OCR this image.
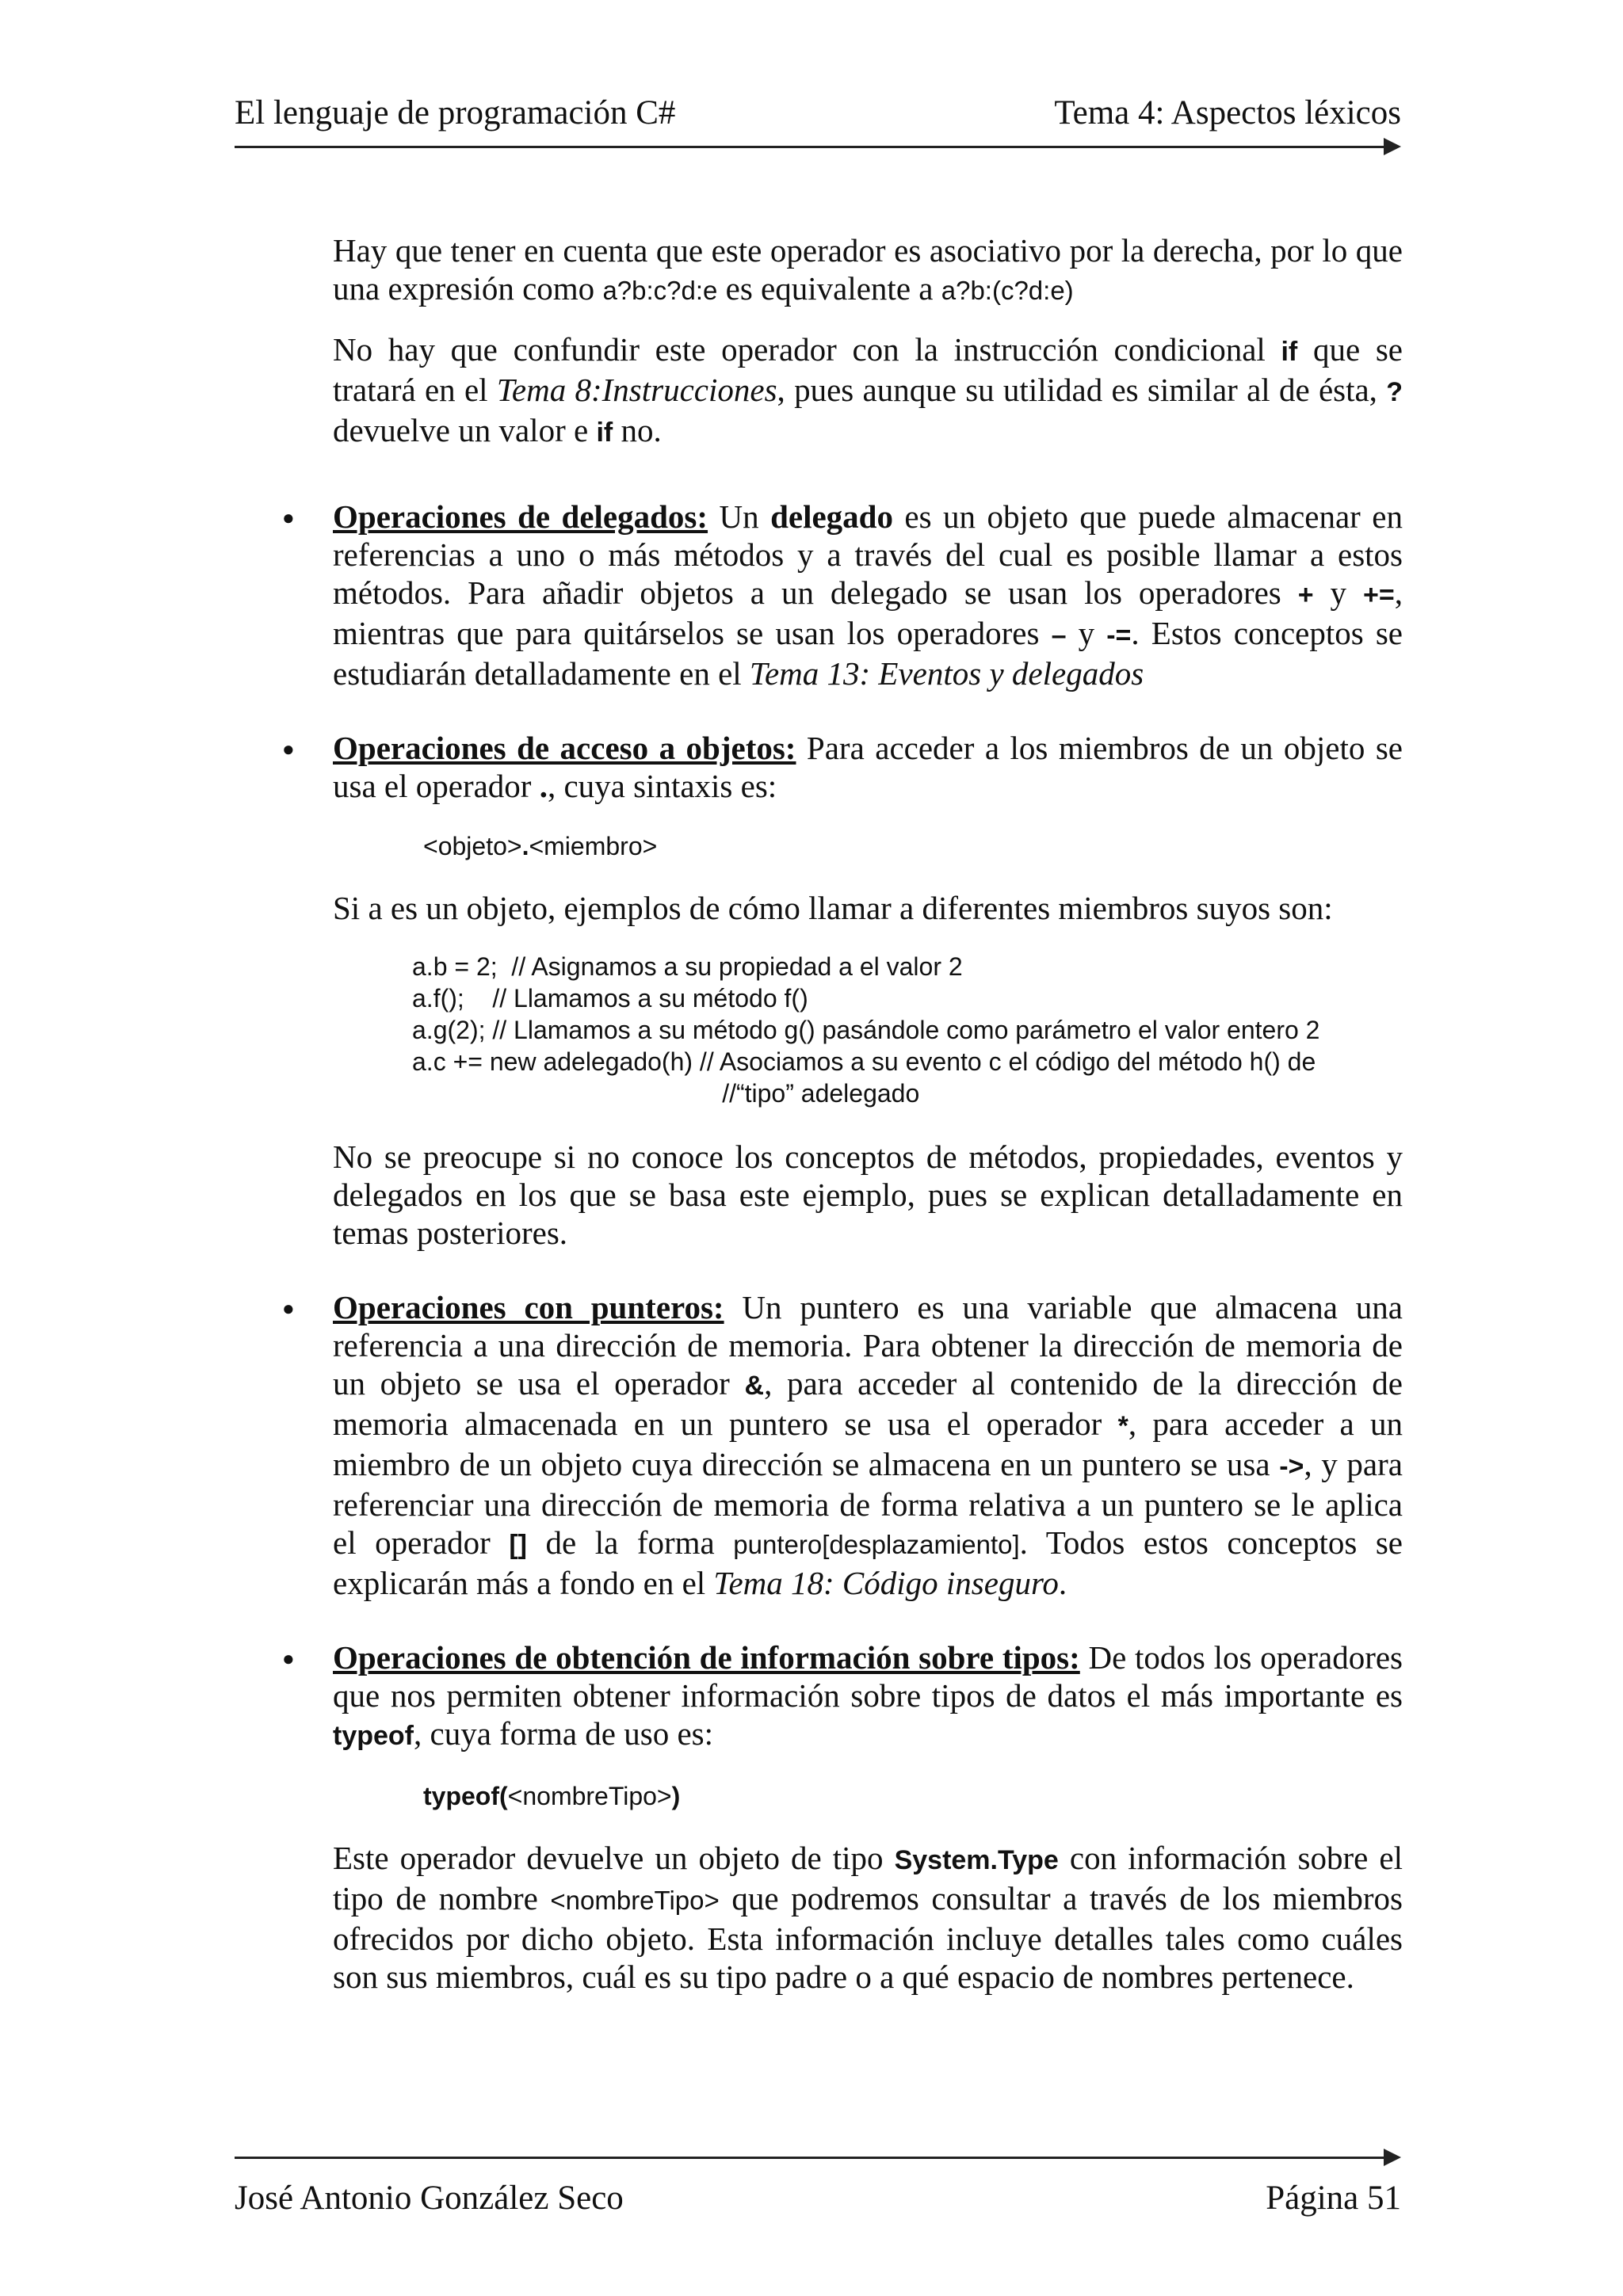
El lenguaje de programación C#	Tema 4: Aspectos léxicos

Hay que tener en cuenta que este operador es asociativo por la derecha, por lo que una expresión como a?b:c?d:e es equivalente a a?b:(c?d:e)

No hay que confundir este operador con la instrucción condicional if que se tratará en el Tema 8:Instrucciones, pues aunque su utilidad es similar al de ésta, ? devuelve un valor e if no.

● Operaciones de delegados: Un delegado es un objeto que puede almacenar en referencias a uno o más métodos y a través del cual es posible llamar a estos métodos. Para añadir objetos a un delegado se usan los operadores + y +=, mientras que para quitárselos se usan los operadores – y -=. Estos conceptos se estudiarán detalladamente en el Tema 13: Eventos y delegados
● Operaciones de acceso a objetos: Para acceder a los miembros de un objeto se usa el operador ., cuya sintaxis es:
<objeto>.<miembro>

Si a es un objeto, ejemplos de cómo llamar a diferentes miembros suyos son:

a.b = 2;  // Asignamos a su propiedad a el valor 2
a.f();    // Llamamos a su método f()
a.g(2); // Llamamos a su método g() pasándole como parámetro el valor entero 2
a.c += new adelegado(h) // Asociamos a su evento c el código del método h() de
//“tipo” adelegado

No se preocupe si no conoce los conceptos de métodos, propiedades, eventos y delegados en los que se basa este ejemplo, pues se explican detalladamente en temas posteriores.

● Operaciones con punteros: Un puntero es una variable que almacena una referencia a una dirección de memoria. Para obtener la dirección de memoria de un objeto se usa el operador &, para acceder al contenido de la dirección de memoria almacenada en un puntero se usa el operador *, para acceder a un miembro de un objeto cuya dirección se almacena en un puntero se usa ->, y para referenciar una dirección de memoria de forma relativa a un puntero se le aplica el operador [] de la forma puntero[desplazamiento]. Todos estos conceptos se explicarán más a fondo en el Tema 18: Código inseguro.
● Operaciones de obtención de información sobre tipos: De todos los operadores que nos permiten obtener información sobre tipos de datos el más importante es typeof, cuya forma de uso es:
typeof(<nombreTipo>)

Este operador devuelve un objeto de tipo System.Type con información sobre el tipo de nombre <nombreTipo> que podremos consultar a través de los miembros ofrecidos por dicho objeto. Esta información incluye detalles tales como cuáles son sus miembros, cuál es su tipo padre o a qué espacio de nombres pertenece.

José Antonio González Seco	Página 51
